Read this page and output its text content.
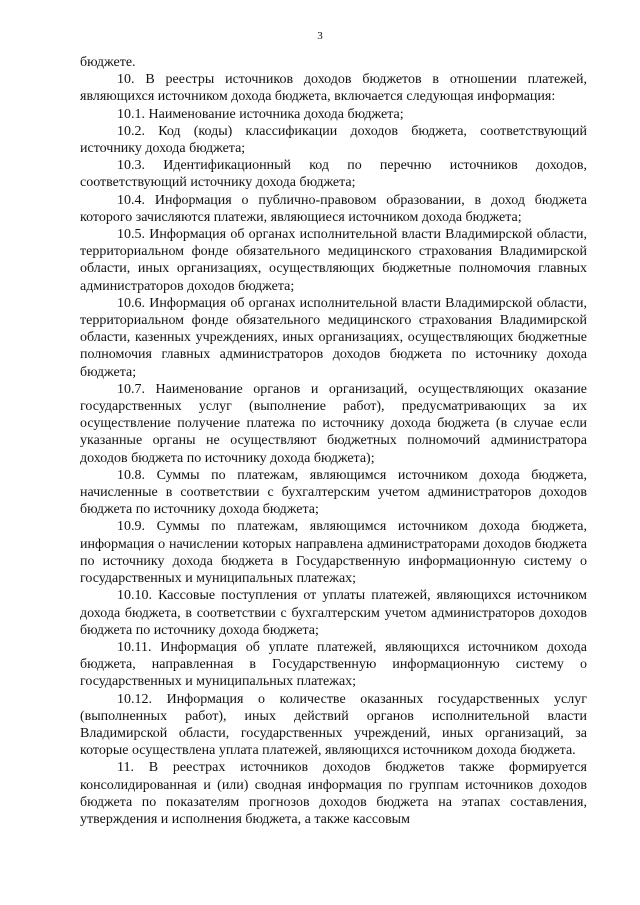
3

бюджете.

10. В реестры источников доходов бюджетов в отношении платежей, являющихся источником дохода бюджета, включается следующая информация:

10.1. Наименование источника дохода бюджета;

10.2. Код (коды) классификации доходов бюджета, соответствующий источнику дохода бюджета;

10.3. Идентификационный код по перечню источников доходов, соответствующий источнику дохода бюджета;

10.4. Информация о публично-правовом образовании, в доход бюджета которого зачисляются платежи, являющиеся источником дохода бюджета;

10.5. Информация об органах исполнительной власти Владимирской области, территориальном фонде обязательного медицинского страхования Владимирской области, иных организациях, осуществляющих бюджетные полномочия главных администраторов доходов бюджета;

10.6. Информация об органах исполнительной власти Владимирской области, территориальном фонде обязательного медицинского страхования Владимирской области, казенных учреждениях, иных организациях, осуществляющих бюджетные полномочия главных администраторов доходов бюджета по источнику дохода бюджета;

10.7. Наименование органов и организаций, осуществляющих оказание государственных услуг (выполнение работ), предусматривающих за их осуществление получение платежа по источнику дохода бюджета (в случае если указанные органы не осуществляют бюджетных полномочий администратора доходов бюджета по источнику дохода бюджета);

10.8. Суммы по платежам, являющимся источником дохода бюджета, начисленные в соответствии с бухгалтерским учетом администраторов доходов бюджета по источнику дохода бюджета;

10.9. Суммы по платежам, являющимся источником дохода бюджета, информация о начислении которых направлена администраторами доходов бюджета по источнику дохода бюджета в Государственную информационную систему о государственных и муниципальных платежах;

10.10. Кассовые поступления от уплаты платежей, являющихся источником дохода бюджета, в соответствии с бухгалтерским учетом администраторов доходов бюджета по источнику дохода бюджета;

10.11. Информация об уплате платежей, являющихся источником дохода бюджета, направленная в Государственную информационную систему о государственных и муниципальных платежах;

10.12. Информация о количестве оказанных государственных услуг (выполненных работ), иных действий органов исполнительной власти Владимирской области, государственных учреждений, иных организаций, за которые осуществлена уплата платежей, являющихся источником дохода бюджета.

11. В реестрах источников доходов бюджетов также формируется консолидированная и (или) сводная информация по группам источников доходов бюджета по показателям прогнозов доходов бюджета на этапах составления, утверждения и исполнения бюджета, а также кассовым
